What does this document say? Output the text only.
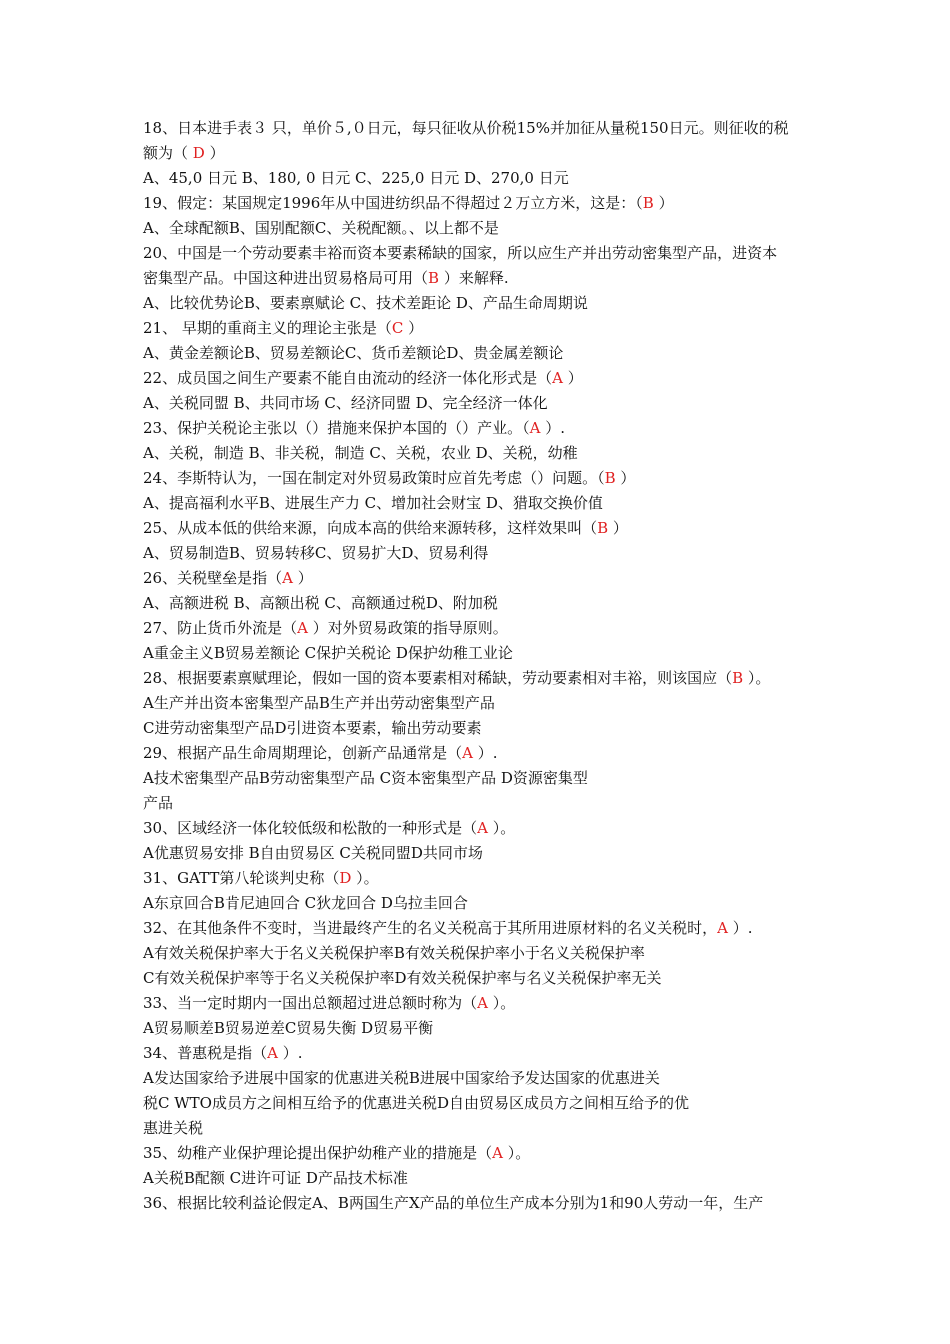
18、日本进手表３ 只，单价５,０日元，每只征收从价税15%并加征从量税150日元。则征收的税
额为（ D ）
A、45,0 日元 B、180, 0 日元 C、225,0 日元 D、270,0 日元
19、假定：某国规定1996年从中国进纺织品不得超过２万立方米，这是：（B ）
A、全球配额B、国别配额C、关税配额。、以上都不是
20、中国是一个劳动要素丰裕而资本要素稀缺的国家，所以应生产并出劳动密集型产品，进资本
密集型产品。中国这种进出贸易格局可用（B ）来解释.
A、比较优势论B、要素禀赋论 C、技术差距论 D、产品生命周期说
21、 早期的重商主义的理论主张是（C ）
A、黄金差额论B、贸易差额论C、货币差额论D、贵金属差额论
22、成员国之间生产要素不能自由流动的经济一体化形式是（A ）
A、关税同盟 B、共同市场 C、经济同盟 D、完全经济一体化
23、保护关税论主张以（）措施来保护本国的（）产业。（A ）.
A、关税，制造 B、非关税，制造 C、关税，农业 D、关税，幼稚
24、李斯特认为，一国在制定对外贸易政策时应首先考虑（）问题。（B ）
A、提高福利水平B、进展生产力 C、增加社会财宝 D、猎取交换价值
25、从成本低的供给来源，向成本高的供给来源转移，这样效果叫（B ）
A、贸易制造B、贸易转移C、贸易扩大D、贸易利得
26、关税壁垒是指（A ）
A、高额进税 B、高额出税 C、高额通过税D、附加税
27、防止货币外流是（A ）对外贸易政策的指导原则。
A重金主义B贸易差额论 C保护关税论 D保护幼稚工业论
28、根据要素禀赋理论，假如一国的资本要素相对稀缺，劳动要素相对丰裕，则该国应（B ）。
A生产并出资本密集型产品B生产并出劳动密集型产品
C进劳动密集型产品D引进资本要素，输出劳动要素
29、根据产品生命周期理论，创新产品通常是（A ）.
A技术密集型产品B劳动密集型产品 C资本密集型产品 D资源密集型
产品
30、区域经济一体化较低级和松散的一种形式是（A ）。
A优惠贸易安排 B自由贸易区 C关税同盟D共同市场
31、GATT第八轮谈判史称（D ）。
A东京回合B肯尼迪回合 C狄龙回合 D乌拉圭回合
32、在其他条件不变时，当进最终产生的名义关税高于其所用进原材料的名义关税时，A ）.
A有效关税保护率大于名义关税保护率B有效关税保护率小于名义关税保护率
C有效关税保护率等于名义关税保护率D有效关税保护率与名义关税保护率无关
33、当一定时期内一国出总额超过进总额时称为（A ）。
A贸易顺差B贸易逆差C贸易失衡 D贸易平衡
34、普惠税是指（A ）.
A发达国家给予进展中国家的优惠进关税B进展中国家给予发达国家的优惠进关
税C WTO成员方之间相互给予的优惠进关税D自由贸易区成员方之间相互给予的优
惠进关税
35、幼稚产业保护理论提出保护幼稚产业的措施是（A ）。
A关税B配额 C进许可证 D产品技术标准
36、根据比较利益论假定A、B两国生产X产品的单位生产成本分别为1和90人劳动一年，生产
